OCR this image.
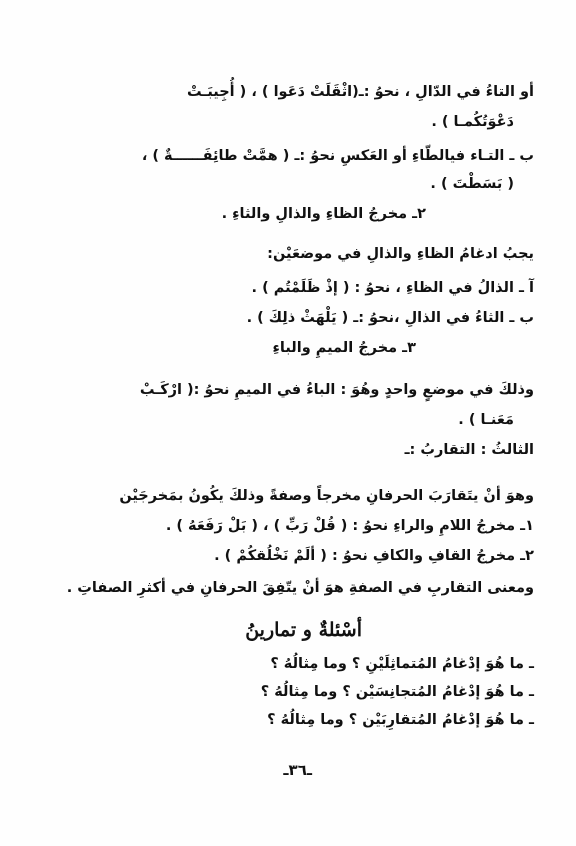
أو التاءُ في الدّالِ ، نحوُ :ـ(اثْقَلَتْ دَعَوا ) ، ( أُجِيبَـتْ
دَعْوَتُكُمـا ) .
ب ـ التـاء فيالطّاءِ أو العَكسِ نحوُ :ـ ( همَّتْ طائِفَــــــةٌ ) ،
( بَسَطْتَ ) .
٢ـ مخرجُ الظاءِ والذالِ والثاءِ .
يجبُ ادغامُ الظاءِ والذالِ في موضعَيْن:
آ ـ الذالُ في الظاءِ ، نحوُ : ( إذْ ظَلَمْتُم ) .
ب ـ الثاءُ في الذالِ ،نحوُ :ـ ( يَلْهَثْ ذلِكَ ) .
٣ـ مخرجُ الميمِ والباءِ
وذلكَ في موضعٍ واحدٍ وهُوَ : الباءُ في الميمِ نحوُ :( ارْكَـبْ
مَعَنـا ) .
الثالثُ : التقاربُ :ـ
وهوَ أنْ يتَقارَبَ الحرفانِ مخرجاً وصفةً وذلكَ يكُونُ بمَخرجَيْن
١ـ مخرجُ اللامِ والراءِ نحوُ : ( قُلْ رَبِّ ) ، ( بَلْ رَفَعَهُ ) .
٢ـ مخرجُ القافِ والكافِ نحوُ : ( ألَمْ نَخْلُقكُمْ ) .
ومعنى التقاربِ في الصفةِ هوَ أنْ يتّفِقَ الحرفانِ في أكثرِ الصفاتِ .
أسْئلةٌ و تمارينُ
ـ ما هُوَ إدْغامُ المُتماثِلَيْنِ ؟ وما مِثالُهُ ؟
ـ ما هُوَ إدْغامُ المُتجانِسَيْن ؟ وما مِثالُهُ ؟
ـ ما هُوَ إدْغامُ المُتقارِبَيْن ؟ وما مِثالُهُ ؟
ـ٣٦ـ
